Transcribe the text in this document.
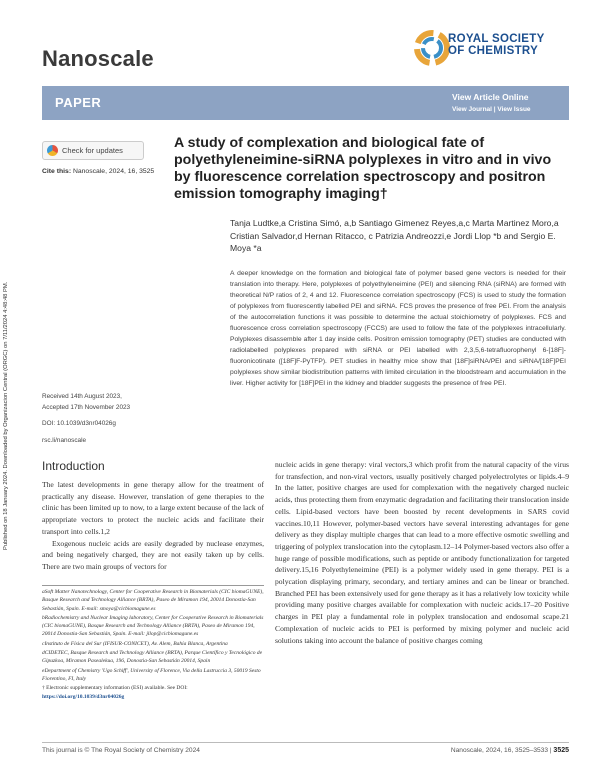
Nanoscale
ROYAL SOCIETY
OF CHEMISTRY
PAPER	View Article Online
View Journal | View Issue
Published on 18 January 2024. Downloaded by Organizacion Central (ORGC) on 7/11/2024 4:48:48 PM.
Check for updates
Cite this: Nanoscale, 2024, 16, 3525
A study of complexation and biological fate of polyethyleneimine-siRNA polyplexes in vitro and in vivo by fluorescence correlation spectroscopy and positron emission tomography imaging†
Tanja Ludtke,a Cristina Simó, a,b Santiago Gimenez Reyes,a,c Marta Martinez Moro,a Cristian Salvador,d Hernan Ritacco, c Patrizia Andreozzi,e Jordi Llop *b and Sergio E. Moya *a
A deeper knowledge on the formation and biological fate of polymer based gene vectors is needed for their translation into therapy. Here, polyplexes of polyethyleneimine (PEI) and silencing RNA (siRNA) are formed with theoretical N/P ratios of 2, 4 and 12. Fluorescence correlation spectroscopy (FCS) is used to study the formation of polyplexes from fluorescently labelled PEI and siRNA. FCS proves the presence of free PEI. From the analysis of the autocorrelation functions it was possible to determine the actual stoichiometry of polyplexes. FCS and fluorescence cross correlation spectroscopy (FCCS) are used to follow the fate of the polyplexes intracellularly. Polyplexes disassemble after 1 day inside cells. Positron emission tomography (PET) studies are conducted with radiolabelled polyplexes prepared with siRNA or PEI labelled with 2,3,5,6-tetrafluorophenyl 6-[18F]-fluoronicotinate ([18F]F-PyTFP). PET studies in healthy mice show that [18F]siRNA/PEI and siRNA/[18F]PEI polyplexes show similar biodistribution patterns with limited circulation in the bloodstream and accumulation in the liver. Higher activity for [18F]PEI in the kidney and bladder suggests the presence of free PEI.
Received 14th August 2023,
Accepted 17th November 2023
DOI: 10.1039/d3nr04026g
rsc.li/nanoscale
Introduction

The latest developments in gene therapy allow for the treatment of practically any disease. However, translation of gene therapies to the clinic has been limited up to now, to a large extent because of the lack of appropriate vectors to protect the nucleic acids and facilitate their transport into cells.1,2

Exogenous nucleic acids are easily degraded by nuclease enzymes, and being negatively charged, they are not easily taken up by cells. There are two main groups of vectors for

aSoft Matter Nanotechnology, Center for Cooperative Research in Biomaterials (CIC biomaGUNE), Basque Research and Technology Alliance (BRTA), Paseo de Miramon 194, 20014 Donostia-San Sebastián, Spain. E-mail: smoya@cicbiomagune.es

bRadiochemistry and Nuclear Imaging laboratory, Center for Cooperative Research in Biomaterials (CIC biomaGUNE), Basque Research and Technology Alliance (BRTA), Paseo de Miramon 194, 20014 Donostia-San Sebastián, Spain. E-mail: jllop@cicbiomagune.es

cInstituto de Física del Sur (IFISUR-CONICET), Av. Alem, Bahía Blanca, Argentina

dCIDETEC, Basque Research and Technology Alliance (BRTA), Parque Científico y Tecnológico de Gipuzkoa, Miramon Pasealekua, 196, Donostia-San Sebastián 20014, Spain

eDepartment of Chemistry 'Ugo Schiff', University of Florence, Via della Lastruccia 3, 50019 Sesto Fiorentino, FI, Italy

† Electronic supplementary information (ESI) available. See DOI: https://doi.org/10.1039/d3nr04026g

nucleic acids in gene therapy: viral vectors,3 which profit from the natural capacity of the virus for transfection, and non-viral vectors, usually positively charged polyelectrolytes or lipids.4–9 In the latter, positive charges are used for complexation with the negatively charged nucleic acids, thus protecting them from enzymatic degradation and facilitating their translocation inside cells. Lipid-based vectors have been boosted by recent developments in SARS covid vaccines.10,11 However, polymer-based vectors have several interesting advantages for gene delivery as they display multiple charges that can lead to a more effective osmotic swelling and triggering of polyplex translocation into the cytoplasm.12–14 Polymer-based vectors also offer a huge range of possible modifications, such as peptide or antibody functionalization for targeted delivery.15,16 Polyethyleneimine (PEI) is a polymer widely used in gene therapy. PEI is a polycation displaying primary, secondary, and tertiary amines and can be linear or branched. Branched PEI has been extensively used for gene therapy as it has a relatively low toxicity while providing many positive charges available for complexation with nucleic acids.17–20 Positive charges in PEI play a fundamental role in polyplex translocation and endosomal scape.21 Complexation of nucleic acids to PEI is performed by mixing polymer and nucleic acid solutions taking into account the balance of positive charges coming

This journal is © The Royal Society of Chemistry 2024	Nanoscale, 2024, 16, 3525–3533 | 3525
